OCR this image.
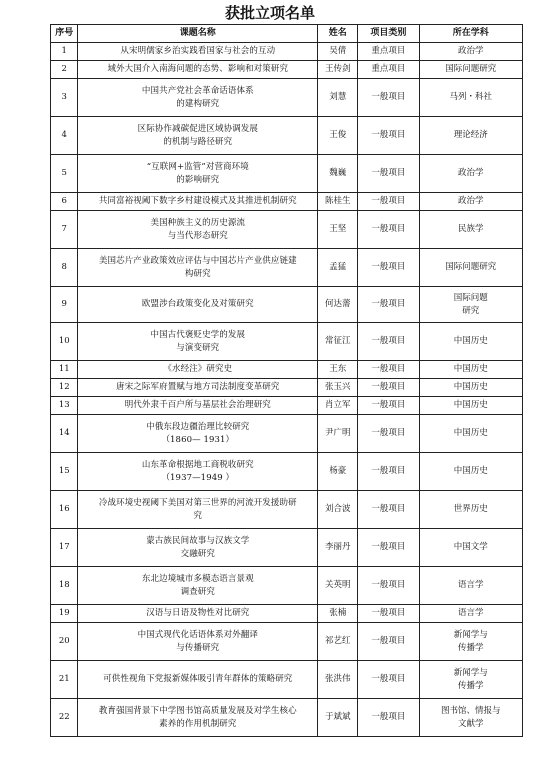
获批立项名单
序号	课题名称	姓名	项目类别	所在学科
1	从宋明儒家乡治实践看国家与社会的互动	吴倩	重点项目	政治学
2	域外大国介入南海问题的态势、影响和对策研究	王传剑	重点项目	国际问题研究
3	中国共产党社会革命话语体系
的建构研究	刘慧	一般项目	马列・科社
4	区际协作减碳促进区域协调发展
的机制与路径研究	王俊	一般项目	理论经济
5	“互联网+监管”对营商环境
的影响研究	魏巍	一般项目	政治学
6	共同富裕视阈下数字乡村建设模式及其推进机制研究	陈桂生	一般项目	政治学
7	美国种族主义的历史源流
与当代形态研究	王坚	一般项目	民族学
8	美国芯片产业政策效应评估与中国芯片产业供应链建
构研究	孟猛	一般项目	国际问题研究
9	欧盟涉台政策变化及对策研究	何达薷	一般项目	国际问题
研究
10	中国古代褒贬史学的发展
与演变研究	常征江	一般项目	中国历史
11	《水经注》研究史	王东	一般项目	中国历史
12	唐宋之际军府置赋与地方司法制度变革研究	张玉兴	一般项目	中国历史
13	明代外隶千百户所与基层社会治理研究	肖立军	一般项目	中国历史
14	中俄东段边疆治理比较研究
（1860— 1931）	尹广明	一般项目	中国历史
15	山东革命根据地工商税收研究
（1937—1949 ）	杨豪	一般项目	中国历史
16	冷战环境史视阈下美国对第三世界的河流开发援助研
究	刘合波	一般项目	世界历史
17	蒙古族民间故事与汉族文学
交融研究	李丽丹	一般项目	中国文学
18	东北边境城市多模态语言景观
调查研究	关英明	一般项目	语言学
19	汉语与日语及物性对比研究	张楠	一般项目	语言学
20	中国式现代化话语体系对外翻译
与传播研究	祁艺红	一般项目	新闻学与
传播学
21	可供性视角下党报新媒体吸引青年群体的策略研究	张洪伟	一般项目	新闻学与
传播学
22	教育强国背景下中学图书馆高质量发展及对学生核心
素养的作用机制研究	于斌斌	一般项目	图书馆、情报与
文献学
